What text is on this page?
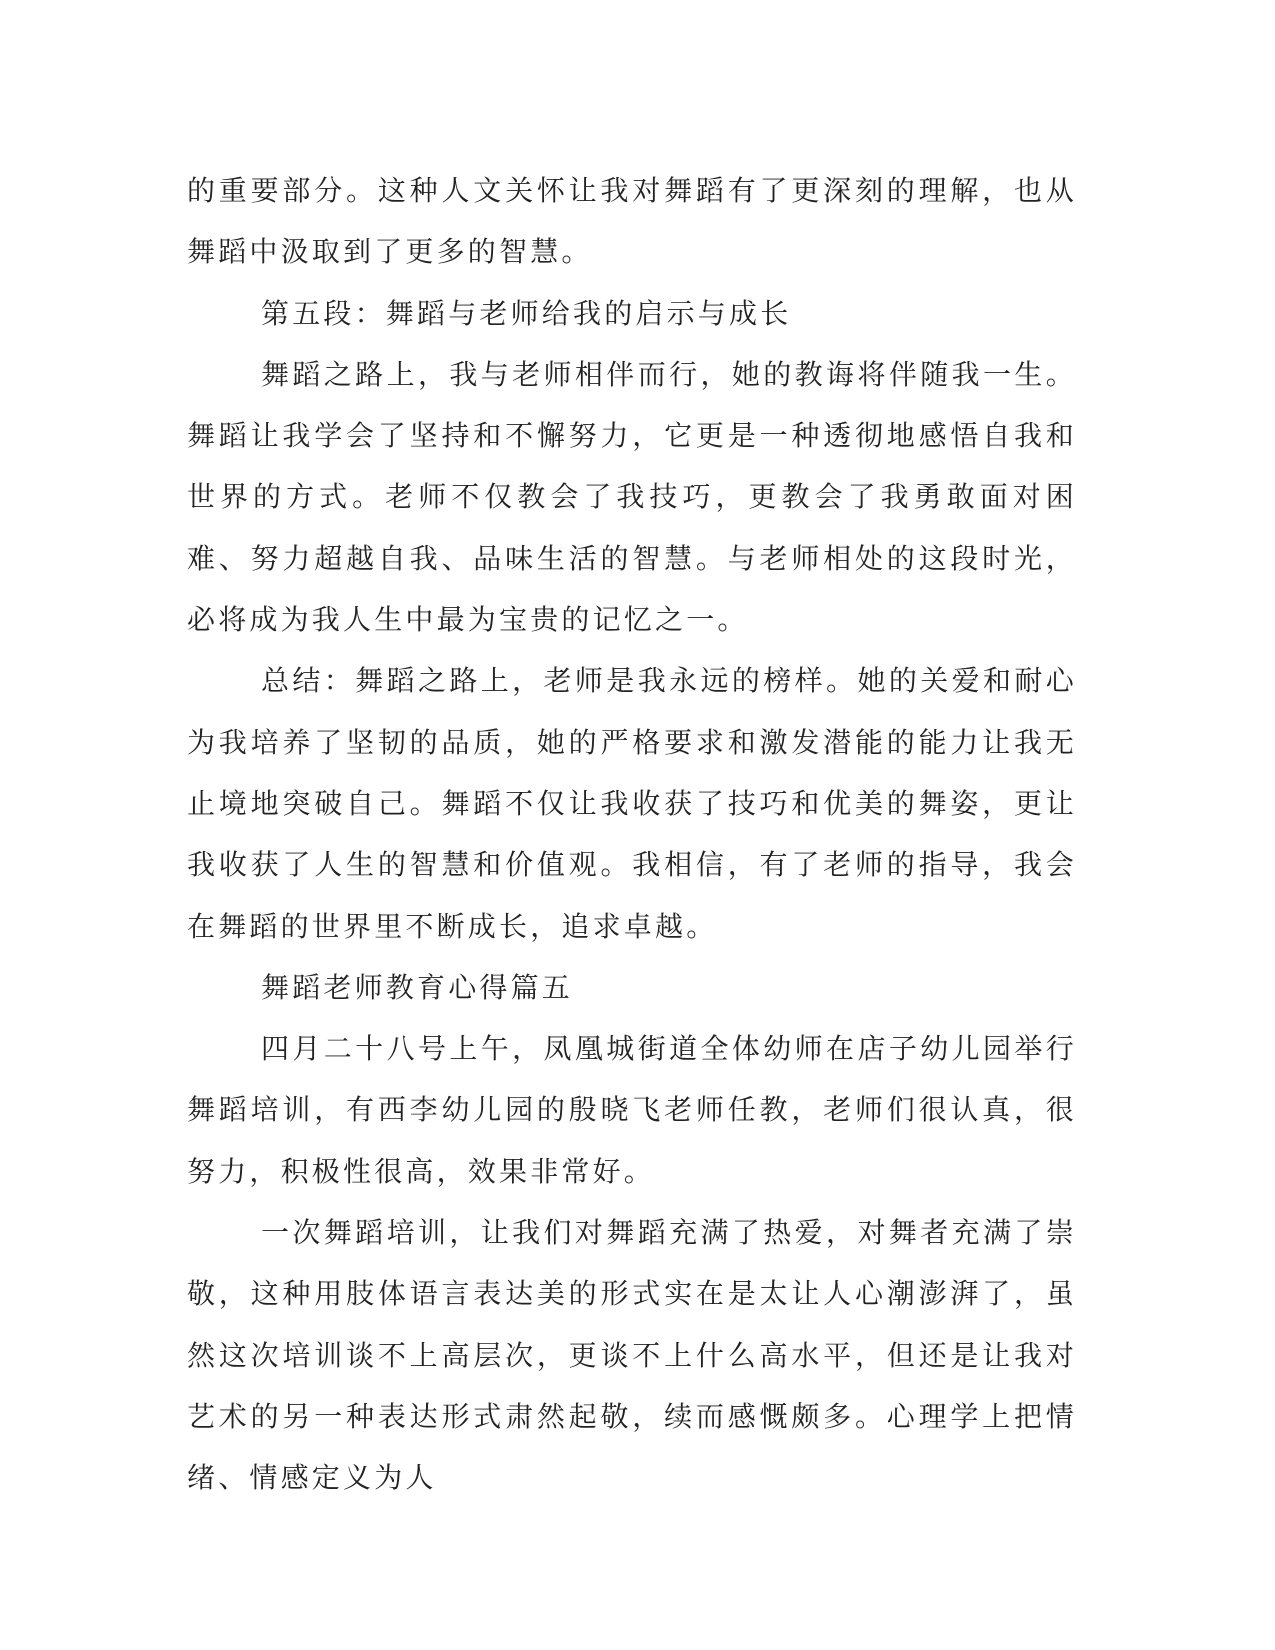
的重要部分。这种人文关怀让我对舞蹈有了更深刻的理解，也从舞蹈中汲取到了更多的智慧。

第五段：舞蹈与老师给我的启示与成长

舞蹈之路上，我与老师相伴而行，她的教诲将伴随我一生。舞蹈让我学会了坚持和不懈努力，它更是一种透彻地感悟自我和世界的方式。老师不仅教会了我技巧，更教会了我勇敢面对困难、努力超越自我、品味生活的智慧。与老师相处的这段时光，必将成为我人生中最为宝贵的记忆之一。

总结：舞蹈之路上，老师是我永远的榜样。她的关爱和耐心为我培养了坚韧的品质，她的严格要求和激发潜能的能力让我无止境地突破自己。舞蹈不仅让我收获了技巧和优美的舞姿，更让我收获了人生的智慧和价值观。我相信，有了老师的指导，我会在舞蹈的世界里不断成长，追求卓越。

舞蹈老师教育心得篇五

四月二十八号上午，凤凰城街道全体幼师在店子幼儿园举行舞蹈培训，有西李幼儿园的殷晓飞老师任教，老师们很认真，很努力，积极性很高，效果非常好。

一次舞蹈培训，让我们对舞蹈充满了热爱，对舞者充满了崇敬，这种用肢体语言表达美的形式实在是太让人心潮澎湃了，虽然这次培训谈不上高层次，更谈不上什么高水平，但还是让我对艺术的另一种表达形式肃然起敬，续而感慨颇多。心理学上把情绪、情感定义为人
